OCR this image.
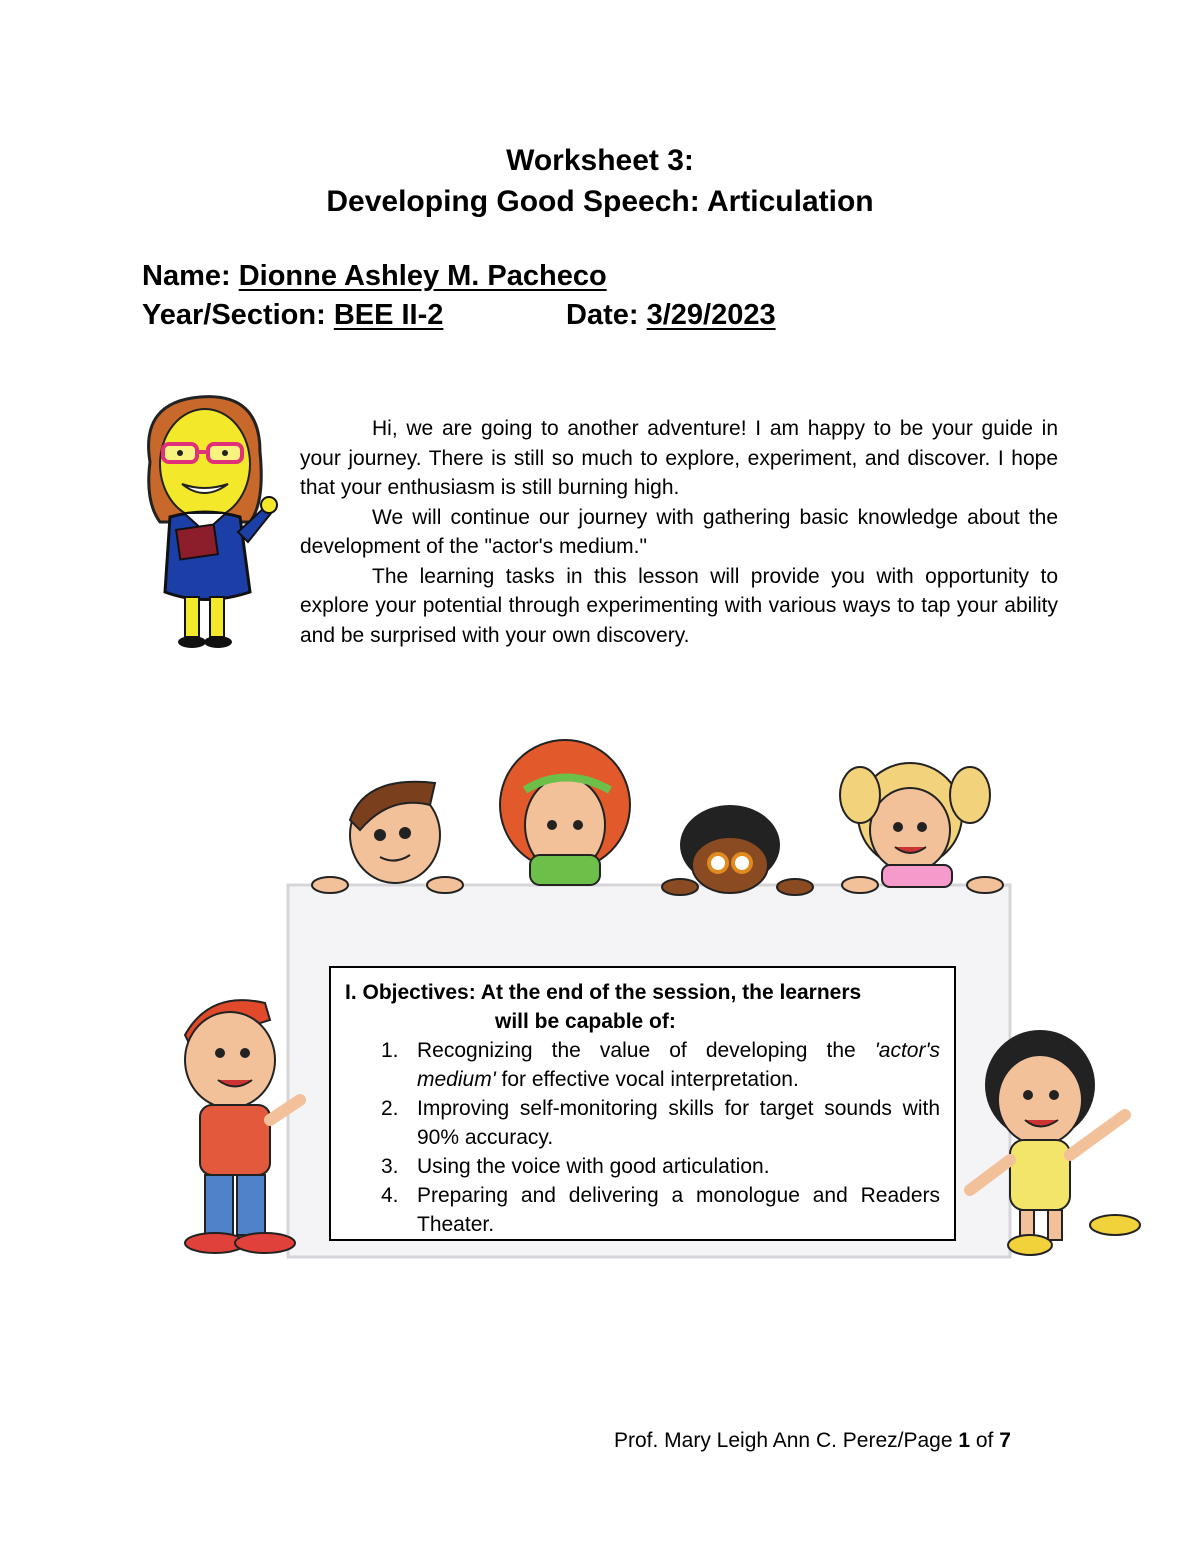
Worksheet 3:
Developing Good Speech: Articulation
Name: Dionne Ashley M. Pacheco
Year/Section: BEE II-2	Date: 3/29/2023

Hi, we are going to another adventure! I am happy to be your guide in your journey. There is still so much to explore, experiment, and discover. I hope that your enthusiasm is still burning high.

We will continue our journey with gathering basic knowledge about the development of the "actor's medium."

The learning tasks in this lesson will provide you with opportunity to explore your potential through experimenting with various ways to tap your ability and be surprised with your own discovery.

I. Objectives: At the end of the session, the learners
will be capable of:
1. Recognizing the value of developing the 'actor's medium' for effective vocal interpretation.
2. Improving self-monitoring skills for target sounds with 90% accuracy.
3. Using the voice with good articulation.
4. Preparing and delivering a monologue and Readers Theater.
Prof. Mary Leigh Ann C. Perez/Page 1 of 7
